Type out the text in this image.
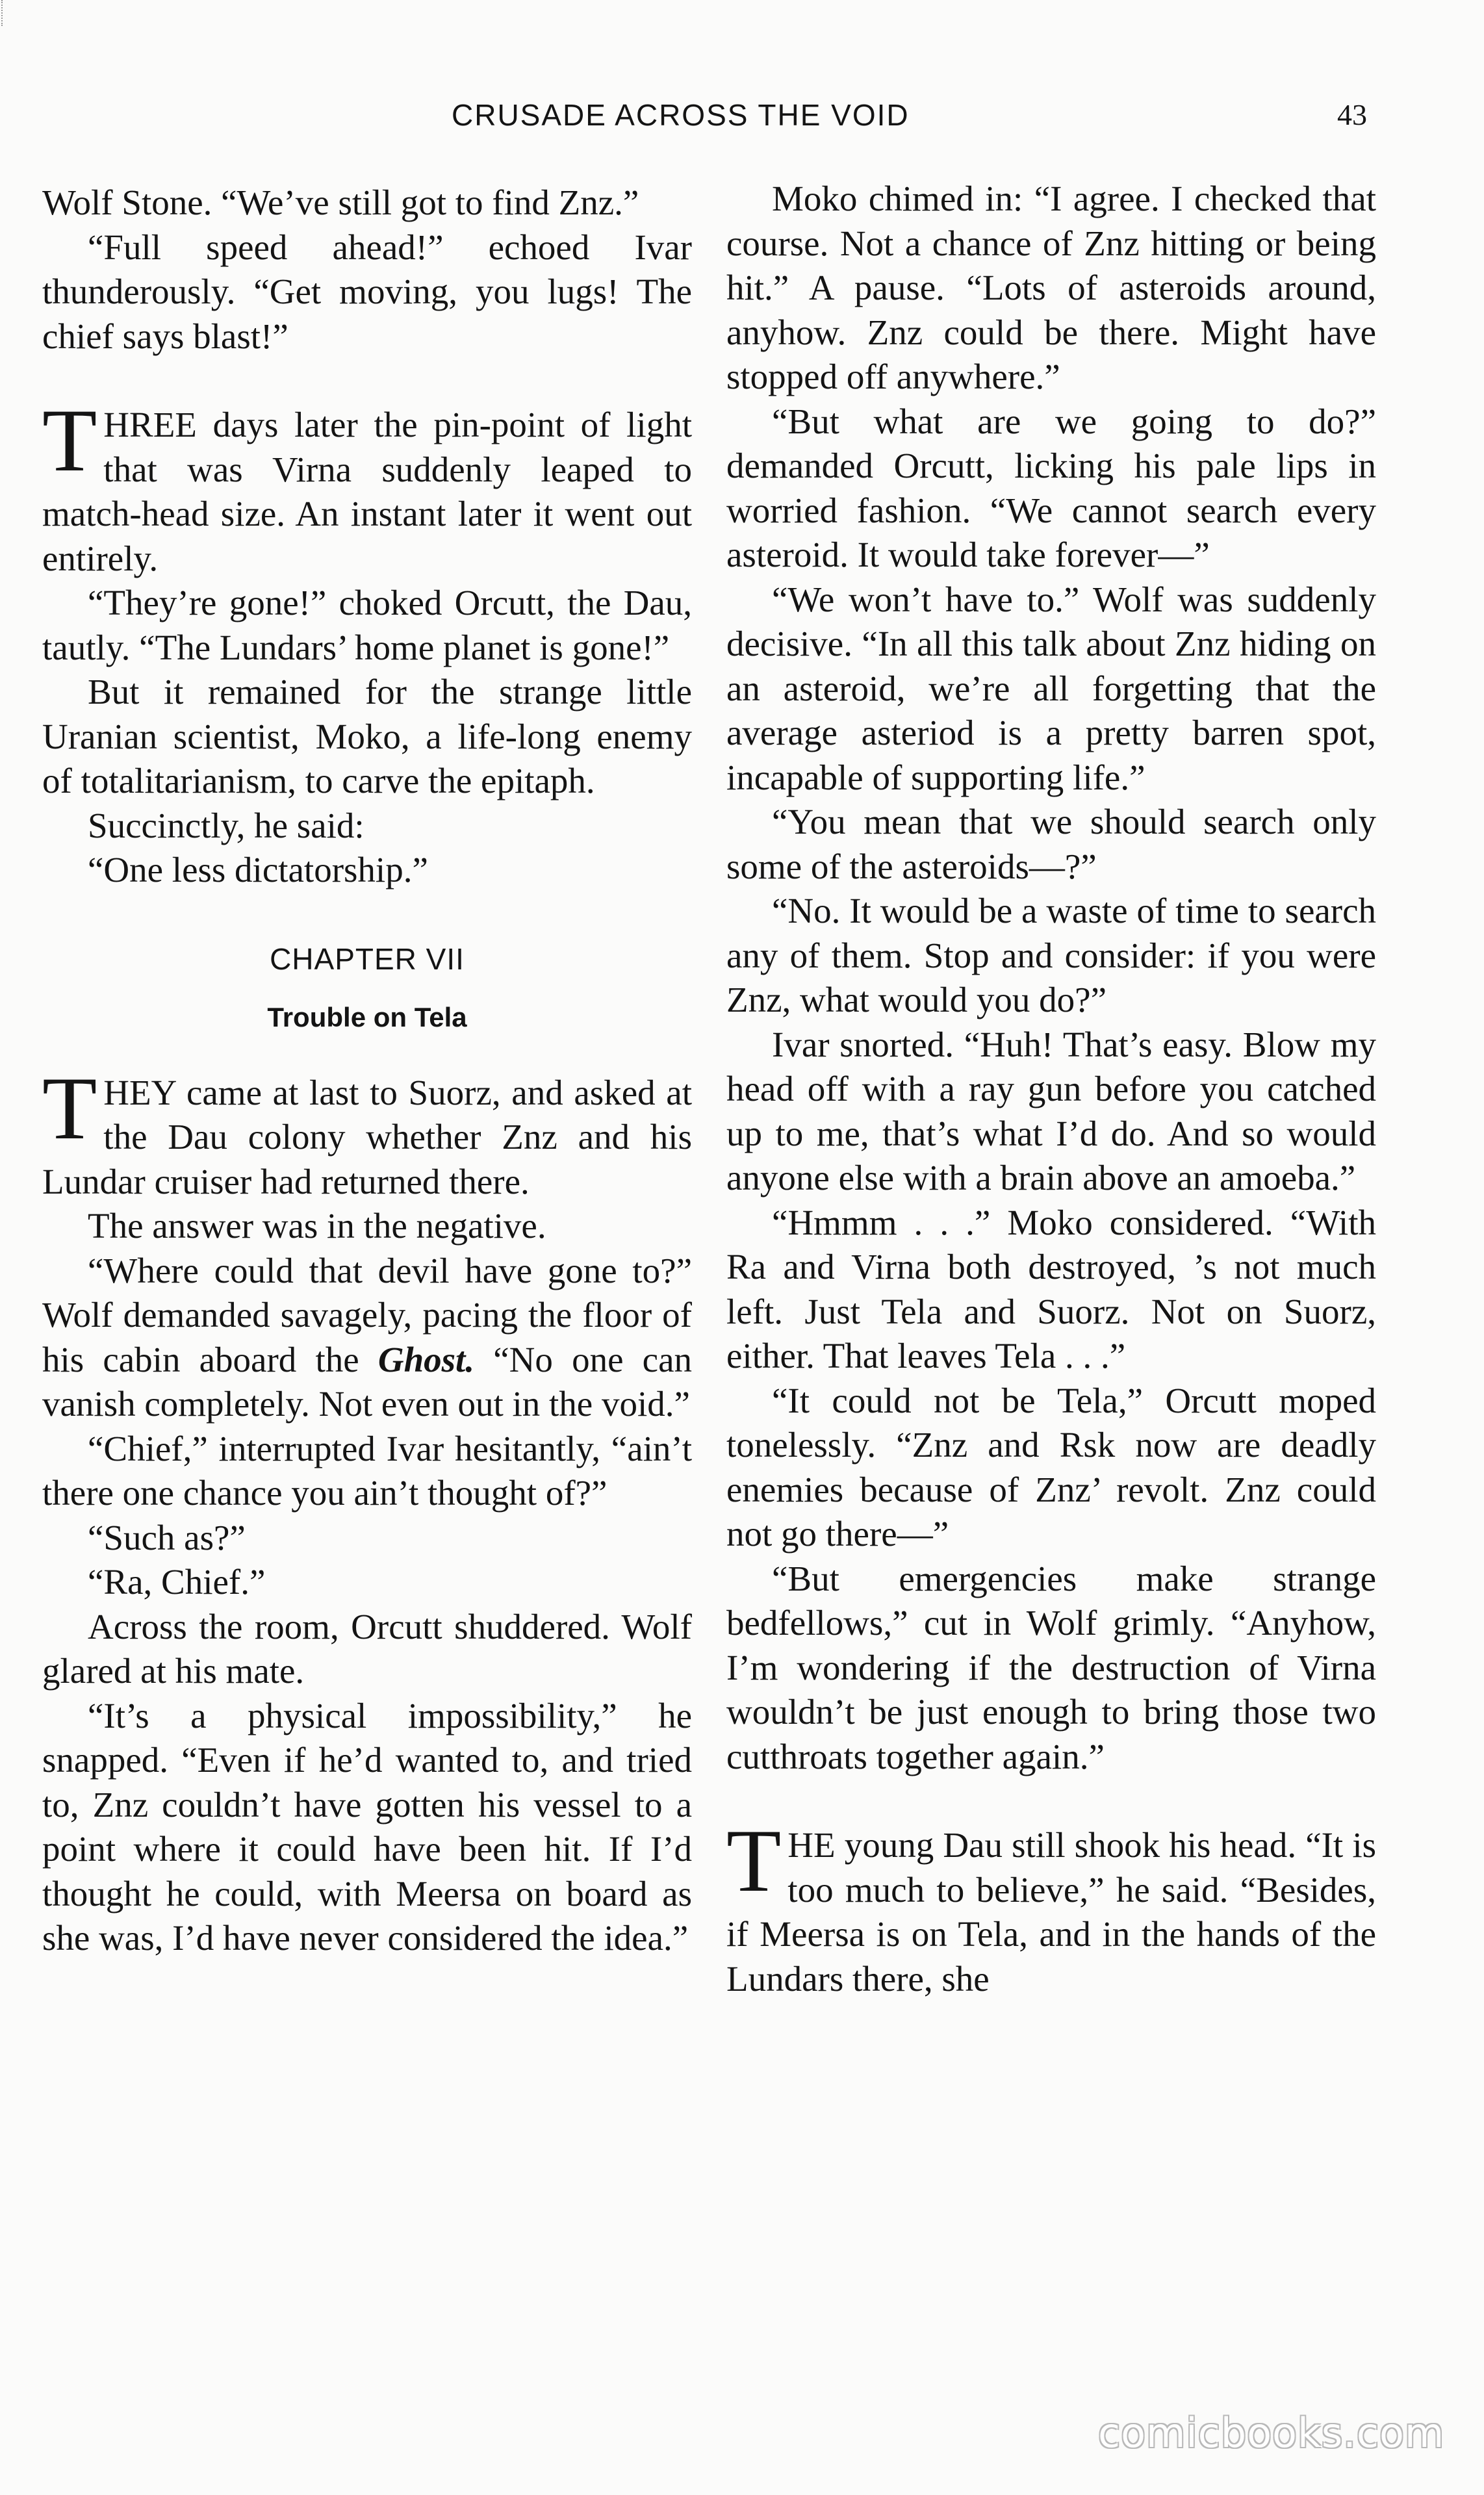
CRUSADE ACROSS THE VOID	43

Wolf Stone. “We’ve still got to find Znz.”

“Full speed ahead!” echoed Ivar thunderously. “Get moving, you lugs! The chief says blast!”

THREE days later the pin-point of light that was Virna suddenly leaped to match-head size. An instant later it went out entirely.

“They’re gone!” choked Orcutt, the Dau, tautly. “The Lundars’ home planet is gone!”

But it remained for the strange little Uranian scientist, Moko, a life-long enemy of totalitarianism, to carve the epitaph.

Succinctly, he said:

“One less dictatorship.”

CHAPTER VII
Trouble on Tela

THEY came at last to Suorz, and asked at the Dau colony whether Znz and his Lundar cruiser had returned there.

The answer was in the negative.

“Where could that devil have gone to?” Wolf demanded savagely, pacing the floor of his cabin aboard the Ghost. “No one can vanish completely. Not even out in the void.”

“Chief,” interrupted Ivar hesitantly, “ain’t there one chance you ain’t thought of?”

“Such as?”

“Ra, Chief.”

Across the room, Orcutt shuddered. Wolf glared at his mate.

“It’s a physical impossibility,” he snapped. “Even if he’d wanted to, and tried to, Znz couldn’t have gotten his vessel to a point where it could have been hit. If I’d thought he could, with Meersa on board as she was, I’d have never considered the idea.”

Moko chimed in: “I agree. I checked that course. Not a chance of Znz hitting or being hit.” A pause. “Lots of asteroids around, anyhow. Znz could be there. Might have stopped off anywhere.”

“But what are we going to do?” demanded Orcutt, licking his pale lips in worried fashion. “We cannot search every asteroid. It would take forever—”

“We won’t have to.” Wolf was suddenly decisive. “In all this talk about Znz hiding on an asteroid, we’re all forgetting that the average asteriod is a pretty barren spot, incapable of supporting life.”

“You mean that we should search only some of the asteroids—?”

“No. It would be a waste of time to search any of them. Stop and consider: if you were Znz, what would you do?”

Ivar snorted. “Huh! That’s easy. Blow my head off with a ray gun before you catched up to me, that’s what I’d do. And so would anyone else with a brain above an amoeba.”

“Hmmm . . .” Moko considered. “With Ra and Virna both destroyed, ’s not much left. Just Tela and Suorz. Not on Suorz, either. That leaves Tela . . .”

“It could not be Tela,” Orcutt moped tonelessly. “Znz and Rsk now are deadly enemies because of Znz’ revolt. Znz could not go there—”

“But emergencies make strange bedfellows,” cut in Wolf grimly. “Anyhow, I’m wondering if the destruction of Virna wouldn’t be just enough to bring those two cutthroats together again.”

THE young Dau still shook his head. “It is too much to believe,” he said. “Besides, if Meersa is on Tela, and in the hands of the Lundars there, she

comicbooks.com
